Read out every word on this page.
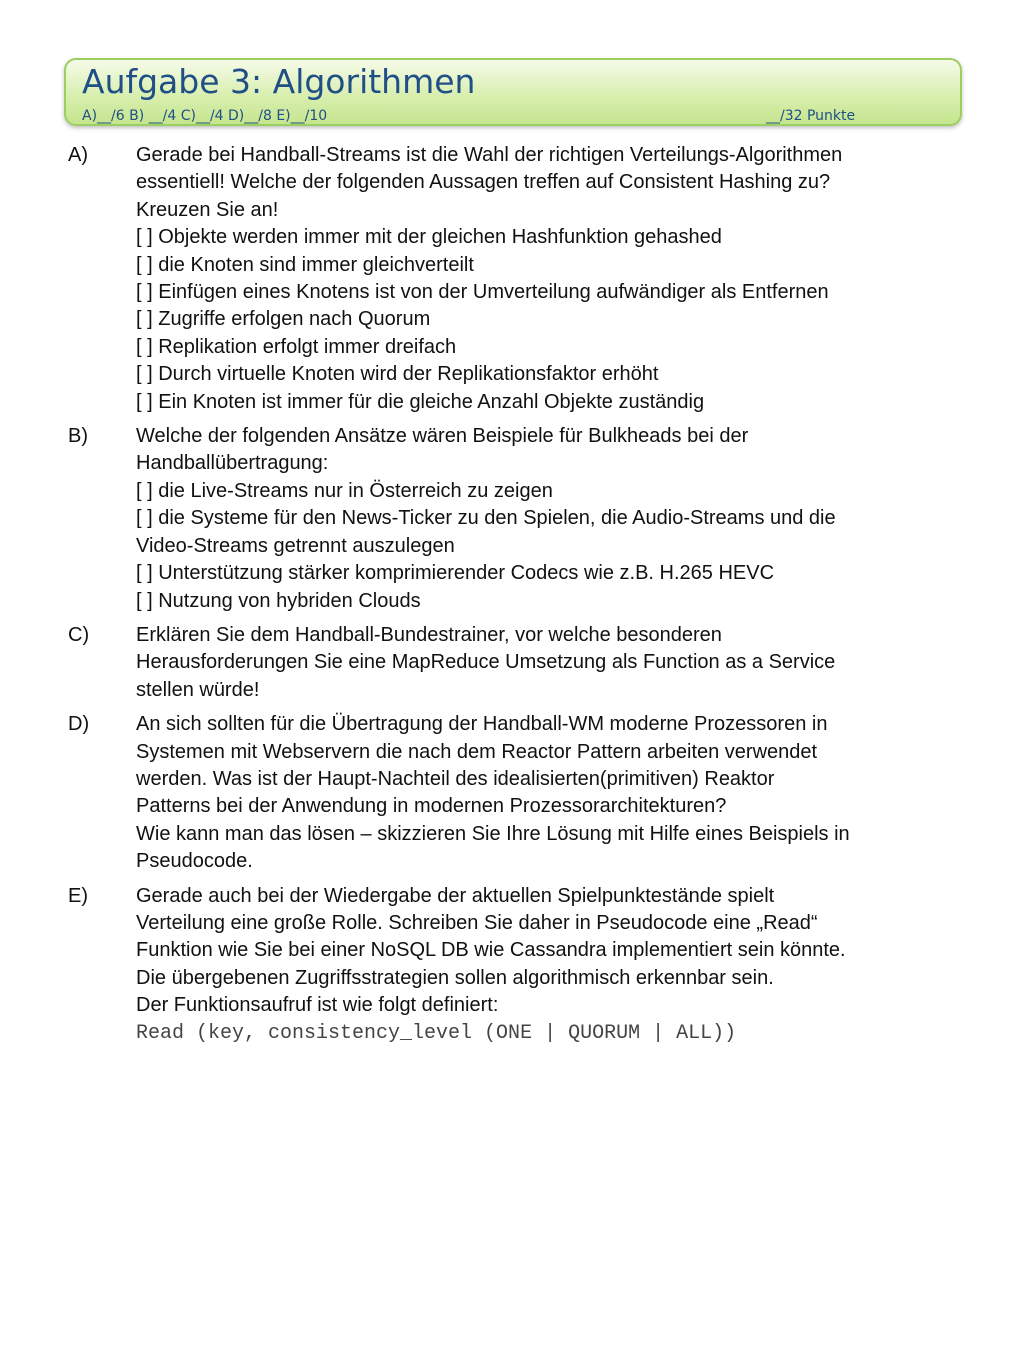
Aufgabe 3: Algorithmen
A)__/6 B) __/4 C)__/4 D)__/8 E)__/10	__/32 Punkte
A) Gerade bei Handball-Streams ist die Wahl der richtigen Verteilungs-Algorithmen
essentiell! Welche der folgenden Aussagen treffen auf Consistent Hashing zu?
Kreuzen Sie an!
[ ] Objekte werden immer mit der gleichen Hashfunktion gehashed
[ ] die Knoten sind immer gleichverteilt
[ ] Einfügen eines Knotens ist von der Umverteilung aufwändiger als Entfernen
[ ] Zugriffe erfolgen nach Quorum
[ ] Replikation erfolgt immer dreifach
[ ] Durch virtuelle Knoten wird der Replikationsfaktor erhöht
[ ] Ein Knoten ist immer für die gleiche Anzahl Objekte zuständig
B) Welche der folgenden Ansätze wären Beispiele für Bulkheads bei der
Handballübertragung:
[ ] die Live-Streams nur in Österreich zu zeigen
[ ] die Systeme für den News-Ticker zu den Spielen, die Audio-Streams und die
Video-Streams getrennt auszulegen
[ ] Unterstützung stärker komprimierender Codecs wie z.B. H.265 HEVC
[ ] Nutzung von hybriden Clouds
C) Erklären Sie dem Handball-Bundestrainer, vor welche besonderen
Herausforderungen Sie eine MapReduce Umsetzung als Function as a Service
stellen würde!
D) An sich sollten für die Übertragung der Handball-WM moderne Prozessoren in
Systemen mit Webservern die nach dem Reactor Pattern arbeiten verwendet
werden. Was ist der Haupt-Nachteil des idealisierten(primitiven) Reaktor
Patterns bei der Anwendung in modernen Prozessorarchitekturen?
Wie kann man das lösen – skizzieren Sie Ihre Lösung mit Hilfe eines Beispiels in
Pseudocode.
E) Gerade auch bei der Wiedergabe der aktuellen Spielpunktestände spielt
Verteilung eine große Rolle. Schreiben Sie daher in Pseudocode eine „Read“
Funktion wie Sie bei einer NoSQL DB wie Cassandra implementiert sein könnte.
Die übergebenen Zugriffsstrategien sollen algorithmisch erkennbar sein.
Der Funktionsaufruf ist wie folgt definiert:
Read (key, consistency_level (ONE | QUORUM | ALL))
